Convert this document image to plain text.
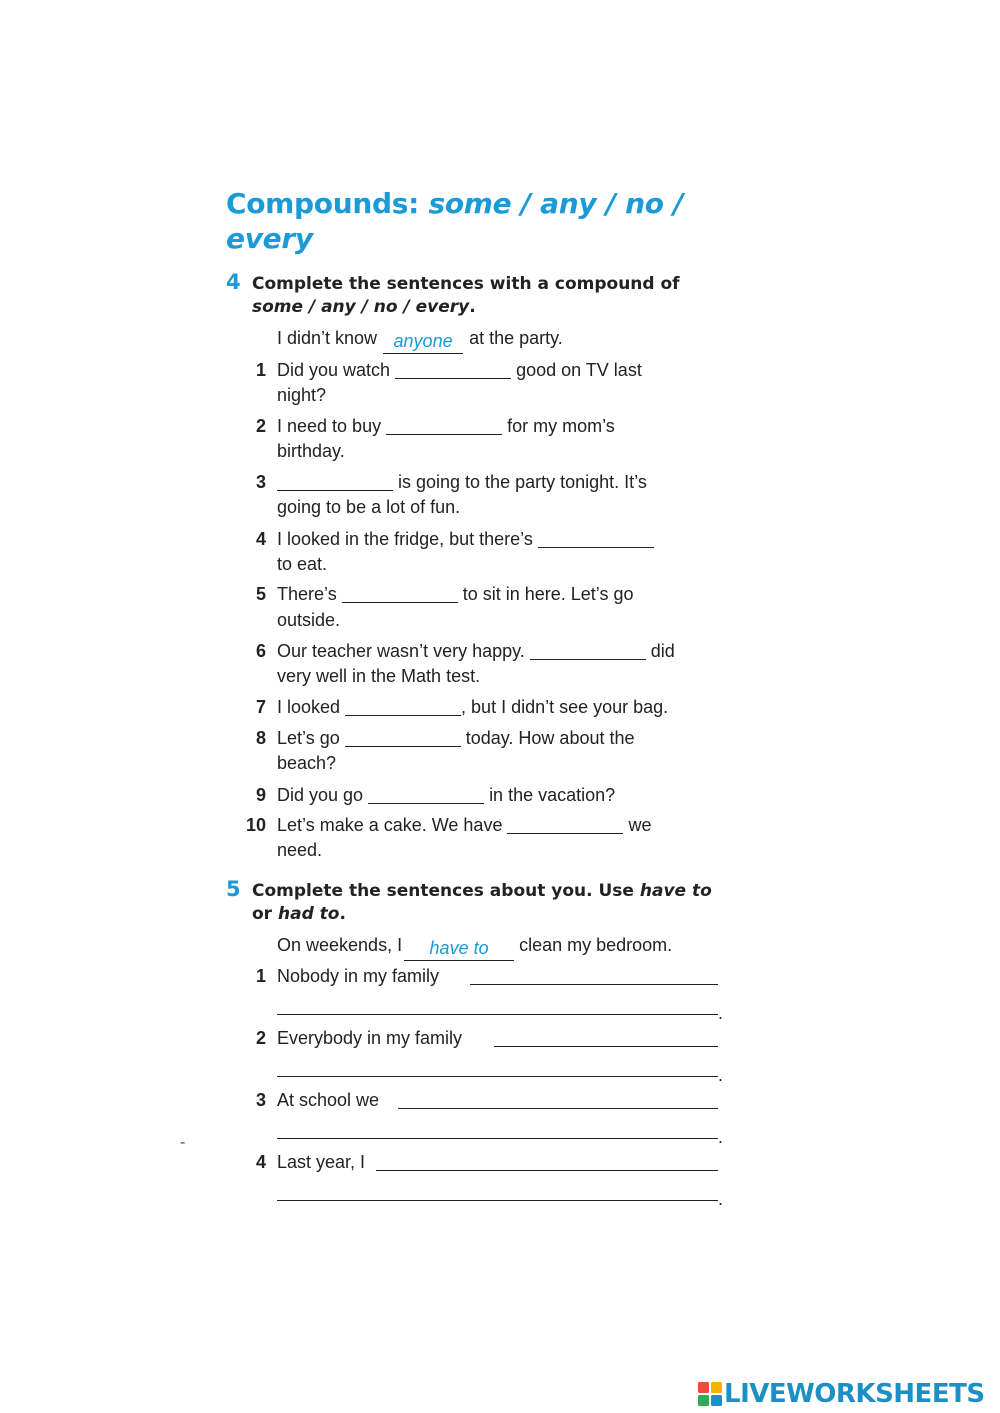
Compounds: some / any / no /
every
4 Complete the sentences with a compound of
some / any / no / every.
I didn’t know anyone at the party.
1 Did you watch	good on TV last
night?
2 I need to buy	for my mom’s
birthday.
3	is going to the party tonight. It’s
going to be a lot of fun.
4 I looked in the fridge, but there’s
to eat.
5 There’s	to sit in here. Let’s go
outside.
6 Our teacher wasn’t very happy.	did
very well in the Math test.
7 I looked	, but I didn’t see your bag.
8 Let’s go	today. How about the
beach?
9 Did you go	in the vacation?
10 Let’s make a cake. We have	we
need.
5 Complete the sentences about you. Use have to or had to.
On weekends, I have to clean my bedroom.
1 Nobody in my family
.
2 Everybody in my family
.
3 At school we
.
4 Last year, I
.
-
LIVEWORKSHEETS
